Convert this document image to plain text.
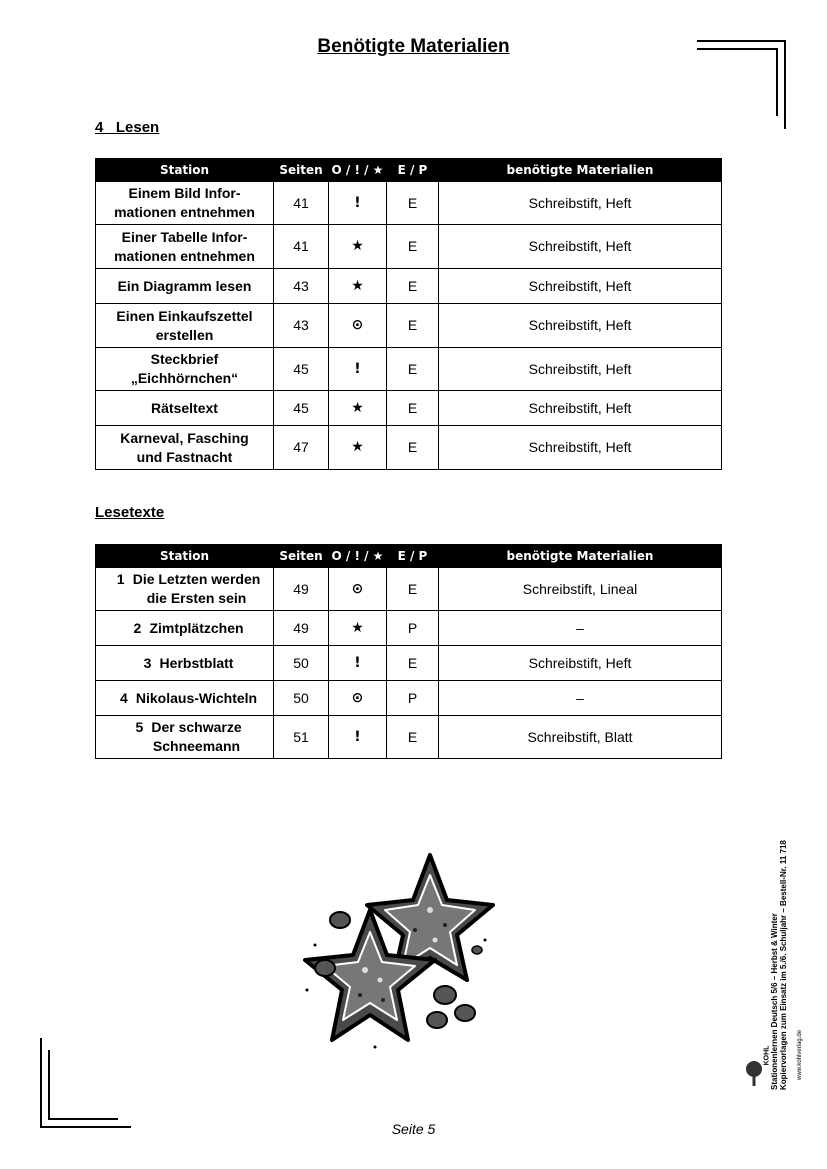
Benötigte Materialien
4 Lesen
Station	Seiten	O / ! / ★	E / P	benötigte Materialien
Einem Bild Infor-
mationen entnehmen	41	!	E	Schreibstift, Heft
Einer Tabelle Infor-
mationen entnehmen	41	★	E	Schreibstift, Heft
Ein Diagramm lesen	43	★	E	Schreibstift, Heft
Einen Einkaufszettel
erstellen	43	⊙	E	Schreibstift, Heft
Steckbrief
„Eichhörnchen“	45	!	E	Schreibstift, Heft
Rätseltext	45	★	E	Schreibstift, Heft
Karneval, Fasching
und Fastnacht	47	★	E	Schreibstift, Heft
Lesetexte
Station	Seiten	O / ! / ★	E / P	benötigte Materialien
1 Die Letzten werden
die Ersten sein	49	⊙	E	Schreibstift, Lineal
2 Zimtplätzchen	49	★	P	–
3 Herbstblatt	50	!	E	Schreibstift, Heft
4 Nikolaus-Wichteln	50	⊙	P	–
5 Der schwarze
Schneemann	51	!	E	Schreibstift, Blatt
Stationenlernen Deutsch 5/6 – Herbst & Winter Kopiervorlagen zum Einsatz im 5./6. Schuljahr – Bestell-Nr. 11 718
KOHL	www.kohlverlag.de
Seite 5
